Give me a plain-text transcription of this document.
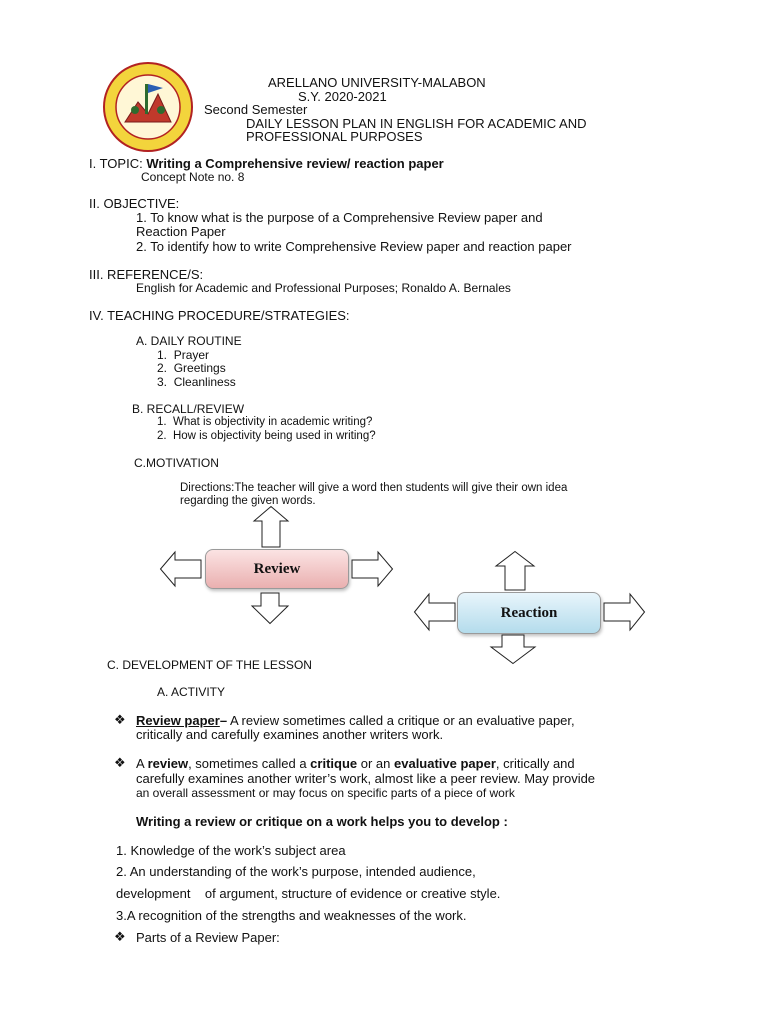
ARELLANO UNIVERSITY-MALABON
S.Y. 2020-2021
Second Semester
DAILY LESSON PLAN IN ENGLISH FOR ACADEMIC AND
PROFESSIONAL PURPOSES
I. TOPIC: Writing a Comprehensive review/ reaction paper
Concept Note no. 8
II. OBJECTIVE:
1. To know what is the purpose of a Comprehensive Review paper and
Reaction Paper
2. To identify how to write Comprehensive Review paper and reaction paper
III. REFERENCE/S:
English for Academic and Professional Purposes; Ronaldo A. Bernales
IV. TEACHING PROCEDURE/STRATEGIES:
A. DAILY ROUTINE
1.  Prayer
2.  Greetings
3.  Cleanliness
B. RECALL/REVIEW
1.  What is objectivity in academic writing?
2.  How is objectivity being used in writing?
C.MOTIVATION
Directions:The teacher will give a word then students will give their own idea
regarding the given words.
Review
Reaction
C. DEVELOPMENT OF THE LESSON
A. ACTIVITY
❖ Review paper– A review sometimes called a critique or an evaluative paper,
critically and carefully examines another writers work.
❖ A review, sometimes called a critique or an evaluative paper, critically and
carefully examines another writer’s work, almost like a peer review. May provide
an overall assessment or may focus on specific parts of a piece of work
Writing a review or critique on a work helps you to develop :
1. Knowledge of the work’s subject area
2. An understanding of the work’s purpose, intended audience,
development    of argument, structure of evidence or creative style.
3.A recognition of the strengths and weaknesses of the work.
❖ Parts of a Review Paper:
